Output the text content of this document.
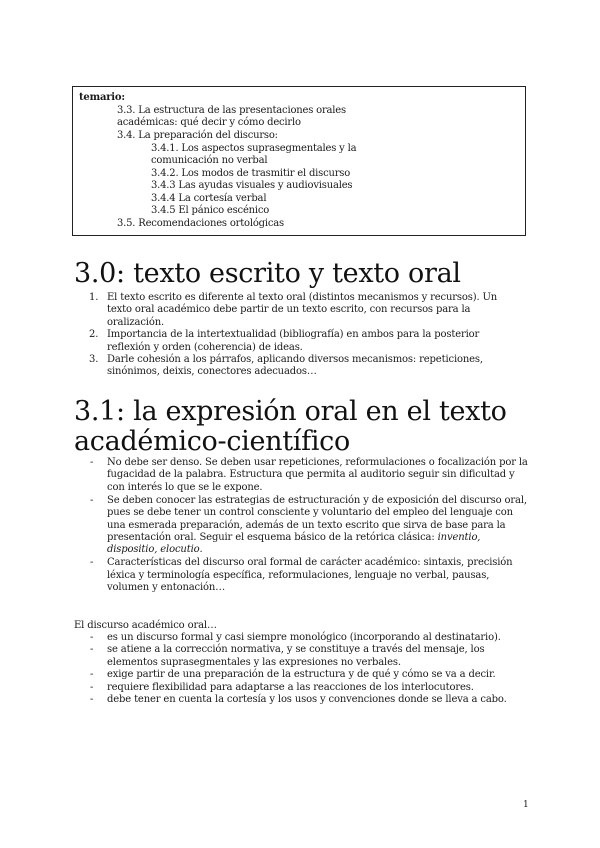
temario:
3.3. La estructura de las presentaciones orales académicas: qué decir y cómo decirlo
3.4. La preparación del discurso:
3.4.1. Los aspectos suprasegmentales y la comunicación no verbal
3.4.2. Los modos de trasmitir el discurso
3.4.3 Las ayudas visuales y audiovisuales
3.4.4 La cortesía verbal
3.4.5 El pánico escénico
3.5. Recomendaciones ortológicas
3.0: texto escrito y texto oral
1. El texto escrito es diferente al texto oral (distintos mecanismos y recursos). Un texto oral académico debe partir de un texto escrito, con recursos para la oralización.
2. Importancia de la intertextualidad (bibliografía) en ambos para la posterior reflexión y orden (coherencia) de ideas.
3. Darle cohesión a los párrafos, aplicando diversos mecanismos: repeticiones, sinónimos, deixis, conectores adecuados…
3.1: la expresión oral en el texto académico-científico
- No debe ser denso. Se deben usar repeticiones, reformulaciones o focalización por la fugacidad de la palabra. Estructura que permita al auditorio seguir sin dificultad y con interés lo que se le expone.
- Se deben conocer las estrategias de estructuración y de exposición del discurso oral, pues se debe tener un control consciente y voluntario del empleo del lenguaje con una esmerada preparación, además de un texto escrito que sirva de base para la presentación oral. Seguir el esquema básico de la retórica clásica: inventio, dispositio, elocutio.
- Características del discurso oral formal de carácter académico: sintaxis, precisión léxica y terminología específica, reformulaciones, lenguaje no verbal, pausas, volumen y entonación…
El discurso académico oral…
- es un discurso formal y casi siempre monológico (incorporando al destinatario).
- se atiene a la corrección normativa, y se constituye a través del mensaje, los elementos suprasegmentales y las expresiones no verbales.
- exige partir de una preparación de la estructura y de qué y cómo se va a decir.
- requiere flexibilidad para adaptarse a las reacciones de los interlocutores.
- debe tener en cuenta la cortesía y los usos y convenciones donde se lleva a cabo.
1
